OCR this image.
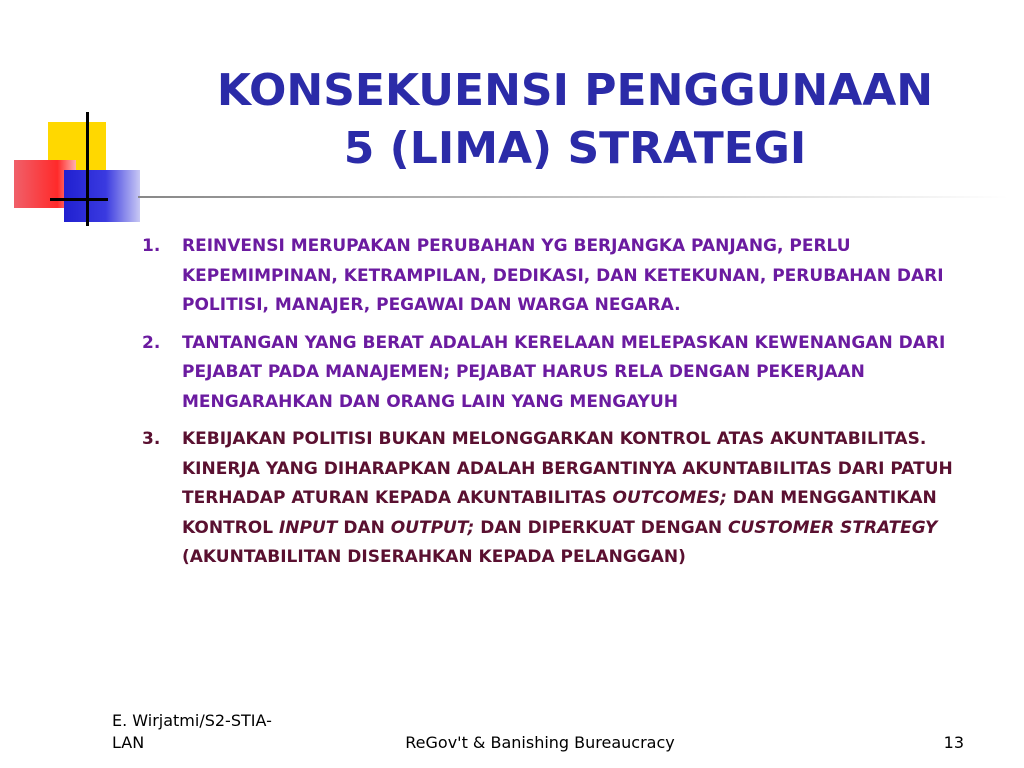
KONSEKUENSI PENGGUNAAN
5 (LIMA) STRATEGI
1. REINVENSI MERUPAKAN PERUBAHAN YG BERJANGKA PANJANG, PERLU KEPEMIMPINAN, KETRAMPILAN, DEDIKASI, DAN KETEKUNAN, PERUBAHAN DARI POLITISI, MANAJER, PEGAWAI DAN WARGA NEGARA.
2. TANTANGAN YANG BERAT ADALAH KERELAAN MELEPASKAN KEWENANGAN DARI PEJABAT PADA MANAJEMEN; PEJABAT HARUS RELA DENGAN PEKERJAAN MENGARAHKAN DAN ORANG LAIN YANG MENGAYUH
3. KEBIJAKAN POLITISI BUKAN MELONGGARKAN KONTROL ATAS AKUNTABILITAS. KINERJA YANG DIHARAPKAN ADALAH BERGANTINYA AKUNTABILITAS DARI PATUH TERHADAP ATURAN KEPADA AKUNTABILITAS OUTCOMES; DAN MENGGANTIKAN KONTROL INPUT DAN OUTPUT; DAN DIPERKUAT DENGAN CUSTOMER STRATEGY (AKUNTABILITAN DISERAHKAN KEPADA PELANGGAN)
E. Wirjatmi/S2-STIA-
LAN	ReGov't & Banishing Bureaucracy	13
